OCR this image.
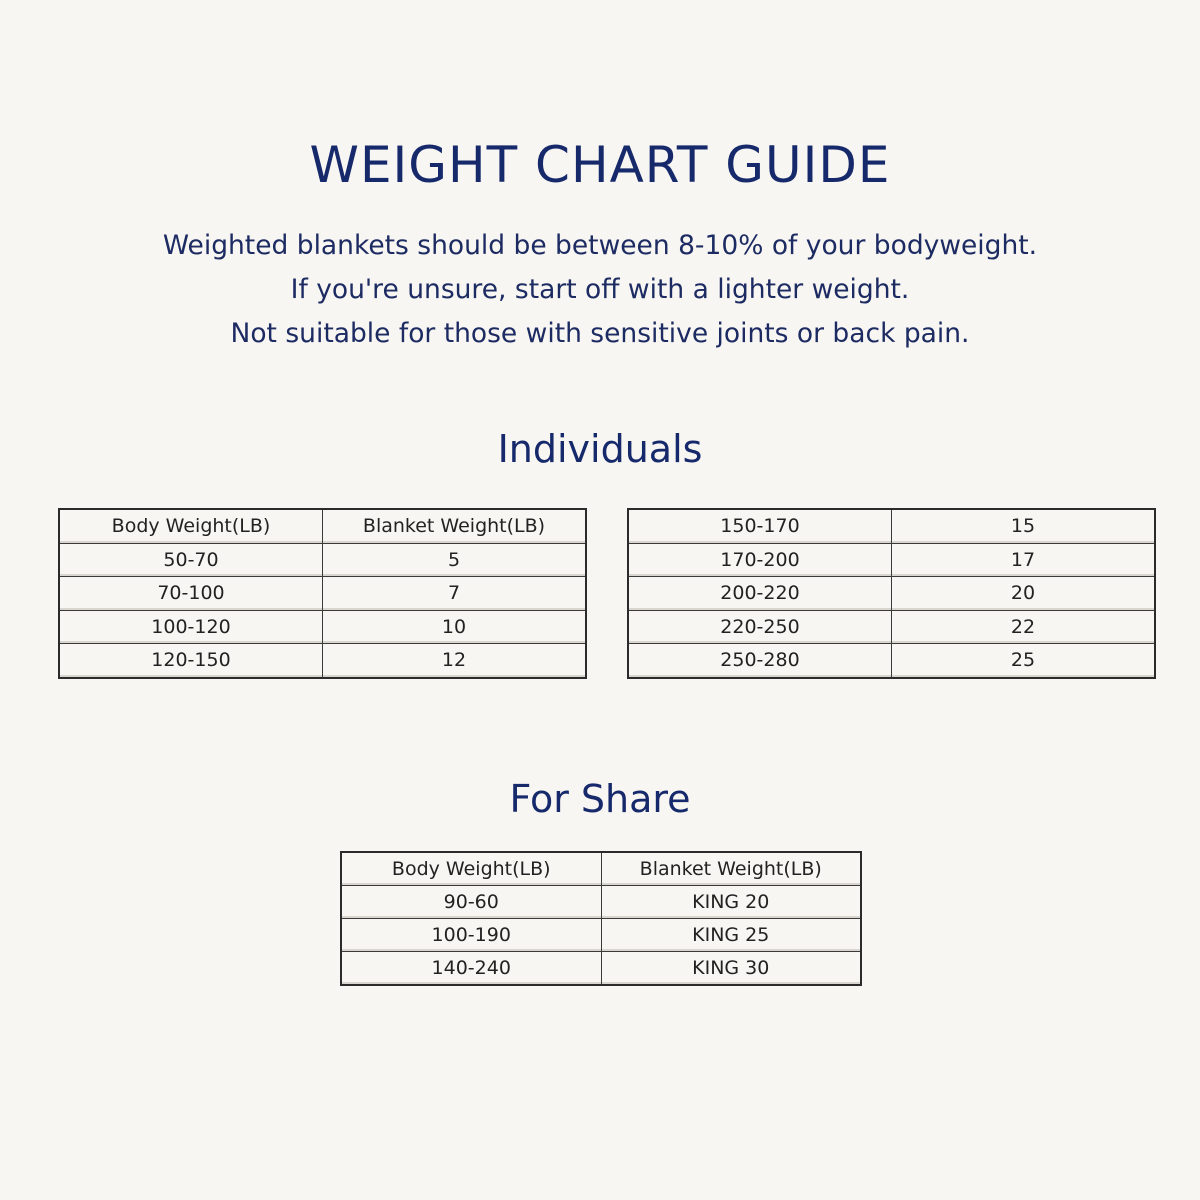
WEIGHT CHART GUIDE
Weighted blankets should be between 8-10% of your bodyweight.
If you're unsure, start off with a lighter weight.
Not suitable for those with sensitive joints or back pain.
Individuals
Body Weight(LB)	Blanket Weight(LB)
50-70	5
70-100	7
100-120	10
120-150	12
150-170	15
170-200	17
200-220	20
220-250	22
250-280	25
For Share
Body Weight(LB)	Blanket Weight(LB)
90-60	KING 20
100-190	KING 25
140-240	KING 30
